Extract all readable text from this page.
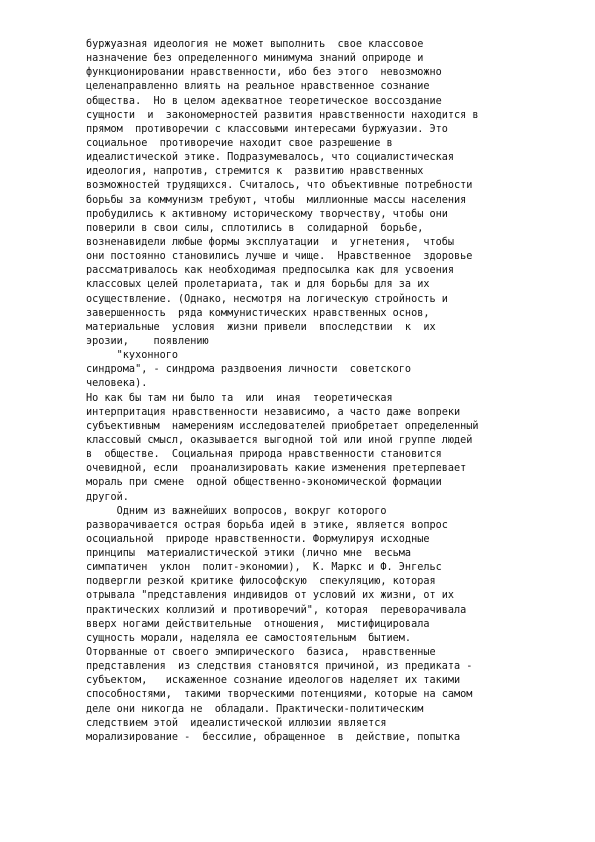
буржуазная идеология не может выполнить  свое классовое
назначение без определенного минимума знаний оприроде и
функционировании нравственности, ибо без этого  невозможно
целенаправленно влиять на реальное нравственное сознание
общества.  Но в целом адекватное теоретическое воссоздание
сущности  и  закономерностей развития нравственности находится в
прямом  противоречии с классовыми интересами буржуазии. Это
социальное  противоречие находит свое разрешение в
идеалистической этике. Подразумевалось, что социалистическая
идеология, напротив, стремится к  развитию нравственных
возможностей трудящихся. Считалось, что объективные потребности
борьбы за коммунизм требуют, чтобы  миллионные массы населения
пробудились к активному историческому творчеству, чтобы они
поверили в свои силы, сплотились в  солидарной  борьбе,
возненавидели любые формы эксплуатации  и  угнетения,  чтобы
они постоянно становились лучше и чище.  Нравственное  здоровье
рассматривалось как необходимая предпосылка как для усвоения
классовых целей пролетариата, так и для борьбы для за их
осуществление. (Однако, несмотря на логическую стройность и
завершенность  ряда коммунистических нравственных основ,
материальные  условия  жизни привели  впоследствии  к  их
эрозии,    появлению
"кухонного
синдрома", - синдрома раздвоения личности  советского
человека).
Но как бы там ни было та  или  иная  теоретическая
интерпритация нравственности независимо, а часто даже вопреки
субъективным  намерениям исследователей приобретает определенный
классовый смысл, оказывается выгодной той или иной группе людей
в  обществе.  Социальная природа нравственности становится
очевидной, если  проанализировать какие изменения претерпевает
мораль при смене  одной общественно-экономической формации
другой.
Одним из важнейших вопросов, вокруг которого
разворачивается острая борьба идей в этике, является вопрос
осоциальной  природе нравственности. Формулируя исходные
принципы  материалистической этики (лично мне  весьма
симпатичен  уклон  полит-экономии),  К. Маркс и Ф. Энгельс
подвергли резкой критике философскую  спекуляцию, которая
отрывала "представления индивидов от условий их жизни, от их
практических коллизий и противоречий", которая  переворачивала
вверх ногами действительные  отношения,  мистифицировала
сущность морали, наделяла ее самостоятельным  бытием.
Оторванные от своего эмпирического  базиса,  нравственные
представления  из следствия становятся причиной, из предиката -
субъектом,   искаженное сознание идеологов наделяет их такими
способностями,  такими творческими потенциями, которые на самом
деле они никогда не  обладали. Практически-политическим
следствием этой  идеалистической иллюзии является
морализирование -  бессилие, обращенное  в  действие, попытка
